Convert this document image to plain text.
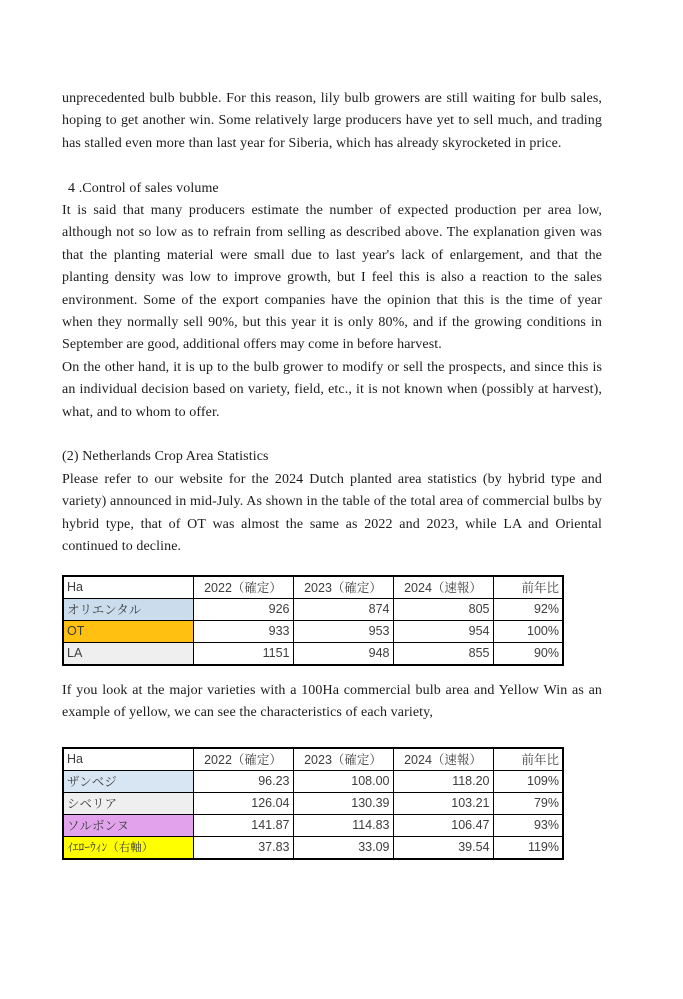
unprecedented bulb bubble. For this reason, lily bulb growers are still waiting for bulb sales, hoping to get another win. Some relatively large producers have yet to sell much, and trading has stalled even more than last year for Siberia, which has already skyrocketed in price.

4 .Control of sales volume

It is said that many producers estimate the number of expected production per area low, although not so low as to refrain from selling as described above. The explanation given was that the planting material were small due to last year's lack of enlargement, and that the planting density was low to improve growth, but I feel this is also a reaction to the sales environment. Some of the export companies have the opinion that this is the time of year when they normally sell 90%, but this year it is only 80%, and if the growing conditions in September are good, additional offers may come in before harvest.

On the other hand, it is up to the bulb grower to modify or sell the prospects, and since this is an individual decision based on variety, field, etc., it is not known when (possibly at harvest), what, and to whom to offer.

(2) Netherlands Crop Area Statistics

Please refer to our website for the 2024 Dutch planted area statistics (by hybrid type and variety) announced in mid-July. As shown in the table of the total area of commercial bulbs by hybrid type, that of OT was almost the same as 2022 and 2023, while LA and Oriental continued to decline.

Ha	2022（確定）	2023（確定）	2024（速報）	前年比
オリエンタル	926	874	805	92%
OT	933	953	954	100%
LA	1151	948	855	90%

If you look at the major varieties with a 100Ha commercial bulb area and Yellow Win as an example of yellow, we can see the characteristics of each variety,

Ha	2022（確定）	2023（確定）	2024（速報）	前年比
ザンベジ	96.23	108.00	118.20	109%
シベリア	126.04	130.39	103.21	79%
ソルボンヌ	141.87	114.83	106.47	93%
ｲｴﾛｰｳｨﾝ（右軸）	37.83	33.09	39.54	119%
